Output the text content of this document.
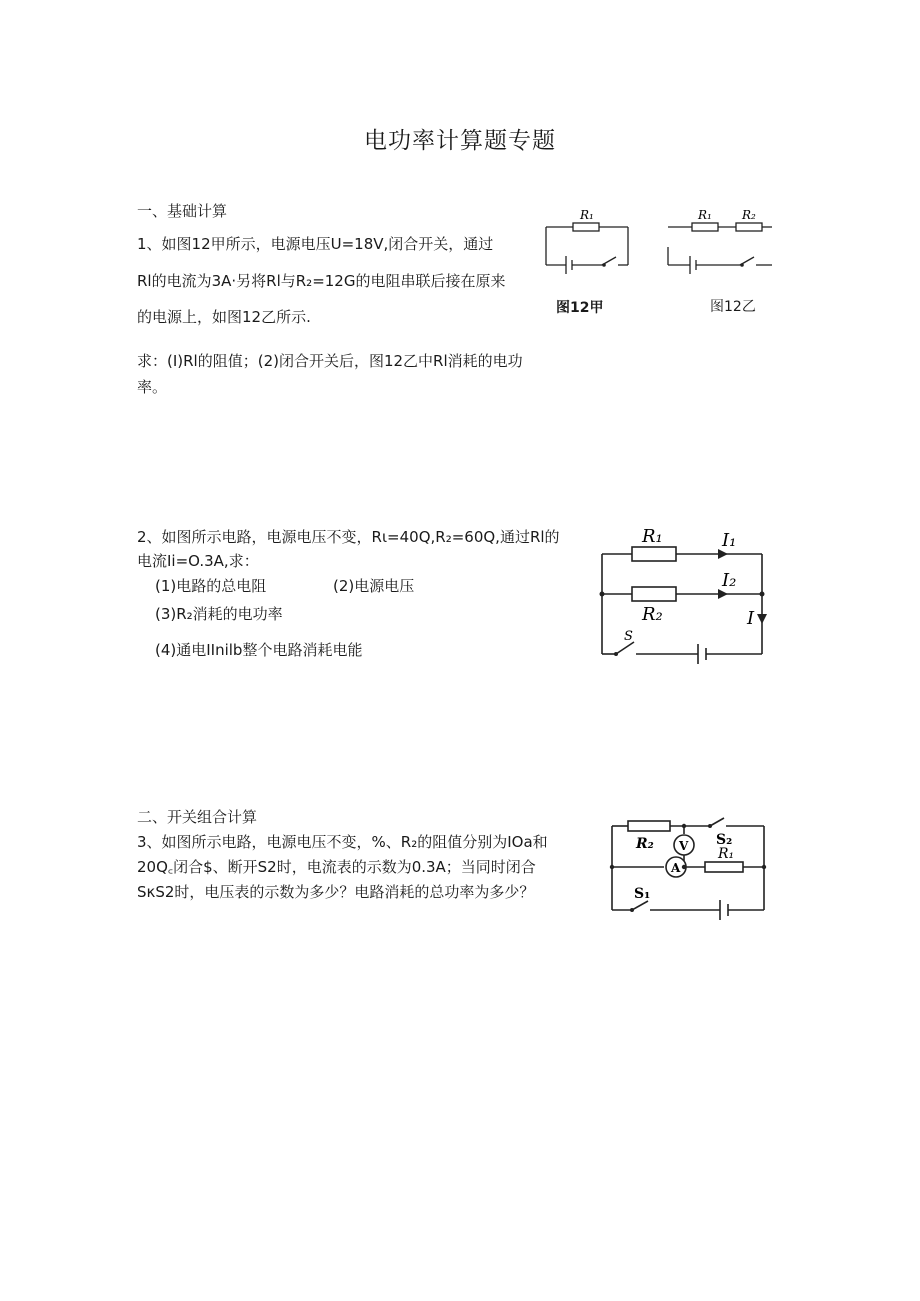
电功率计算题专题
一、基础计算
1、如图12甲所示，电源电压U=18V,闭合开关，通过
Rl的电流为3A·另将Rl与R₂=12G的电阻串联后接在原来
的电源上，如图12乙所示.
求：(I)Rl的阻值；(2)闭合开关后，图12乙中Rl消耗的电功
率。
R₁
图12甲
R₁	R₂
图12乙
2、如图所示电路，电源电压不变，Rι=40Q,R₂=60Q,通过Rl的
电流Ii=O.3A,求：
(1)电路的总电阻	(2)电源电压
(3)R₂消耗的电功率
(4)通电IInilb整个电路消耗电能
R₁
R₂
I₁
I₂
I
S
二、开关组合计算
3、如图所示电路，电源电压不变，%、R₂的阻值分别为IOa和
20Q꜀闭合$、断开S2时，电流表的示数为0.3A；当同时闭合
SκS2时，电压表的示数为多少？电路消耗的总功率为多少？
R₂ V
A
R₁
S₂
S₁
